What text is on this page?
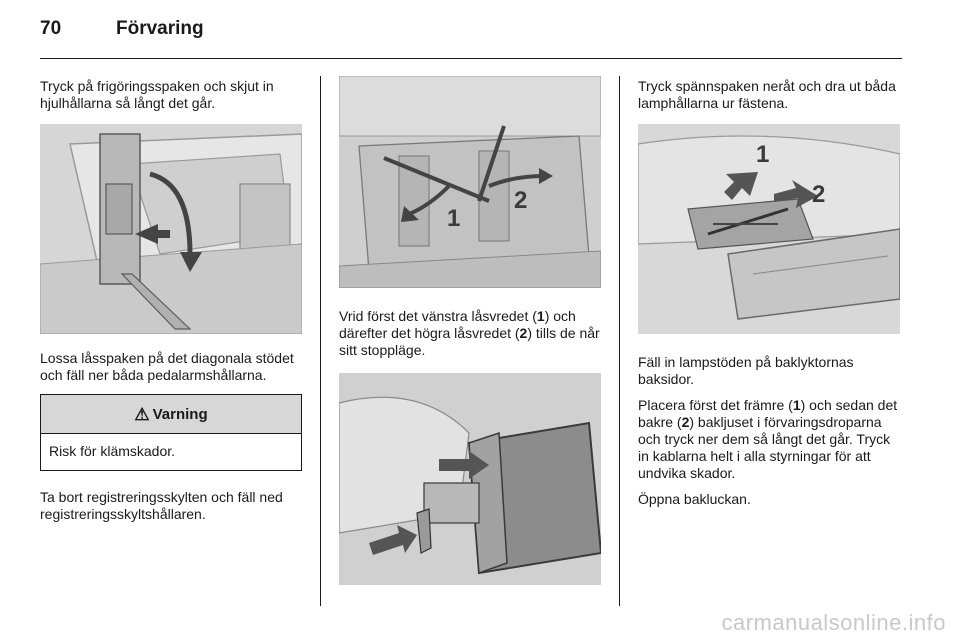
70	Förvaring

Tryck på frigöringsspaken och skjut in hjulhållarna så långt det går.

Lossa låsspaken på det diagonala stödet och fäll ner båda pedalarmshållarna.

⚠ Varning
Risk för klämskador.

Ta bort registreringsskylten och fäll ned registreringsskyltshållaren.

1
2

Vrid först det vänstra låsvredet (1) och därefter det högra låsvredet (2) tills de når sitt stoppläge.

Tryck spännspaken neråt och dra ut båda lamphållarna ur fästena.

1
2

Fäll in lampstöden på baklyktornas baksidor.

Placera först det främre (1) och sedan det bakre (2) bakljuset i förvaringsdroparna och tryck ner dem så långt det går. Tryck in kablarna helt i alla styrningar för att undvika skador.

Öppna bakluckan.

carmanualsonline.info
